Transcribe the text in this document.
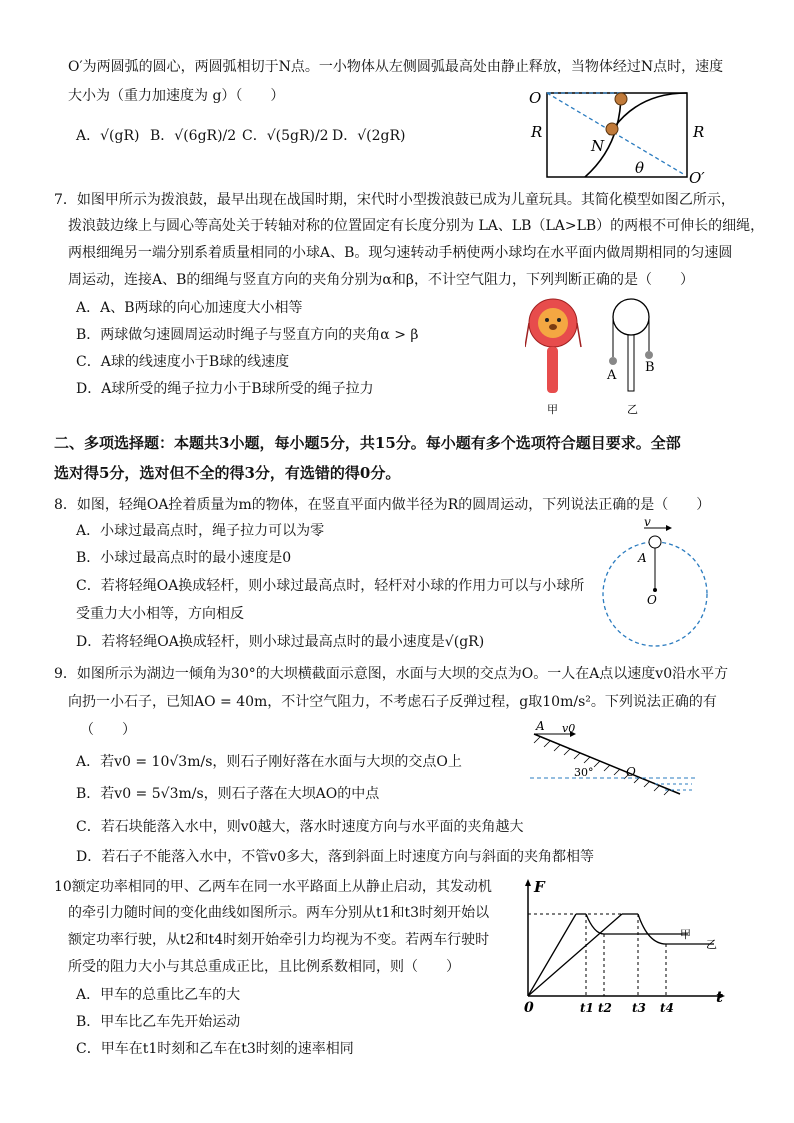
O′为两圆弧的圆心，两圆弧相切于N点。一小物体从左侧圆弧最高处由静止释放，当物体经过N点时，速度
大小为（重力加速度为 g）（　　）
A．√(gR) B．√(6gR)/2 C．√(5gR)/2 D．√(2gR)
O
R	R
N
θ
O′
7．如图甲所示为拨浪鼓，最早出现在战国时期，宋代时小型拨浪鼓已成为儿童玩具。其简化模型如图乙所示，
拨浪鼓边缘上与圆心等高处关于转轴对称的位置固定有长度分别为 LA、LB（LA>LB）的两根不可伸长的细绳，
两根细绳另一端分别系着质量相同的小球A、B。现匀速转动手柄使两小球均在水平面内做周期相同的匀速圆
周运动，连接A、B的细绳与竖直方向的夹角分别为α和β，不计空气阻力，下列判断正确的是（　　）
A．A、B两球的向心加速度大小相等
B．两球做匀速圆周运动时绳子与竖直方向的夹角α > β
C．A球的线速度小于B球的线速度
D．A球所受的绳子拉力小于B球所受的绳子拉力
甲
A
B
乙
二、多项选择题：本题共3小题，每小题5分，共15分。每小题有多个选项符合题目要求。全部
选对得5分，选对但不全的得3分，有选错的得0分。
8．如图，轻绳OA拴着质量为m的物体，在竖直平面内做半径为R的圆周运动，下列说法正确的是（　　）
A．小球过最高点时，绳子拉力可以为零
B．小球过最高点时的最小速度是0
C．若将轻绳OA换成轻杆，则小球过最高点时，轻杆对小球的作用力可以与小球所
受重力大小相等，方向相反
D．若将轻绳OA换成轻杆，则小球过最高点时的最小速度是√(gR)
v
A
O
9．如图所示为湖边一倾角为30°的大坝横截面示意图，水面与大坝的交点为O。一人在A点以速度v0沿水平方
向扔一小石子，已知AO = 40m，不计空气阻力，不考虑石子反弹过程，g取10m/s²。下列说法正确的有
（　　）
A．若v0 = 10√3m/s，则石子刚好落在水面与大坝的交点O上
B．若v0 = 5√3m/s，则石子落在大坝AO的中点
C．若石块能落入水中，则v0越大，落水时速度方向与水平面的夹角越大
D．若石子不能落入水中，不管v0多大，落到斜面上时速度方向与斜面的夹角都相等
A v0
30°	O
10额定功率相同的甲、乙两车在同一水平路面上从静止启动，其发动机
的牵引力随时间的变化曲线如图所示。两车分别从t1和t3时刻开始以
额定功率行驶，从t2和t4时刻开始牵引力均视为不变。若两车行驶时
所受的阻力大小与其总重成正比，且比例系数相同，则（　　）
A．甲车的总重比乙车的大
B．甲车比乙车先开始运动
C．甲车在t1时刻和乙车在t3时刻的速率相同
F
t
0	t1 t2 t3 t4
甲
乙
